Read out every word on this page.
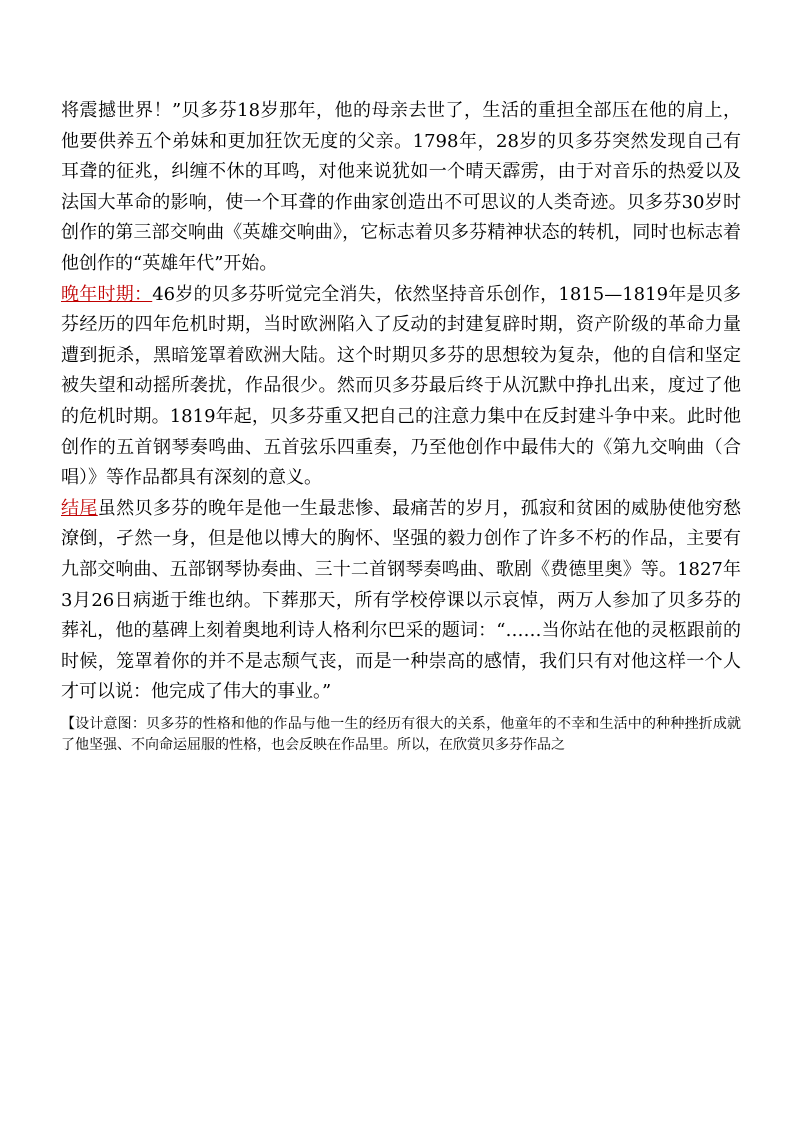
将震撼世界！”贝多芬18岁那年，他的母亲去世了，生活的重担全部压在他的肩上，他要供养五个弟妹和更加狂饮无度的父亲。1798年，28岁的贝多芬突然发现自己有耳聋的征兆，纠缠不休的耳鸣，对他来说犹如一个晴天霹雳，由于对音乐的热爱以及法国大革命的影响，使一个耳聋的作曲家创造出不可思议的人类奇迹。贝多芬30岁时创作的第三部交响曲《英雄交响曲》，它标志着贝多芬精神状态的转机，同时也标志着他创作的“英雄年代”开始。

晚年时期：46岁的贝多芬听觉完全消失，依然坚持音乐创作，1815—1819年是贝多芬经历的四年危机时期，当时欧洲陷入了反动的封建复辟时期，资产阶级的革命力量遭到扼杀，黑暗笼罩着欧洲大陆。这个时期贝多芬的思想较为复杂，他的自信和坚定被失望和动摇所袭扰，作品很少。然而贝多芬最后终于从沉默中挣扎出来，度过了他的危机时期。1819年起，贝多芬重又把自己的注意力集中在反封建斗争中来。此时他创作的五首钢琴奏鸣曲、五首弦乐四重奏，乃至他创作中最伟大的《第九交响曲（合唱）》等作品都具有深刻的意义。

结尾虽然贝多芬的晚年是他一生最悲惨、最痛苦的岁月，孤寂和贫困的威胁使他穷愁潦倒，孑然一身，但是他以博大的胸怀、坚强的毅力创作了许多不朽的作品，主要有九部交响曲、五部钢琴协奏曲、三十二首钢琴奏鸣曲、歌剧《费德里奥》等。1827年3月26日病逝于维也纳。下葬那天，所有学校停课以示哀悼，两万人参加了贝多芬的葬礼，他的墓碑上刻着奥地利诗人格利尔巴采的题词：“……当你站在他的灵柩跟前的时候，笼罩着你的并不是志颓气丧，而是一种崇高的感情，我们只有对他这样一个人才可以说：他完成了伟大的事业。”

【设计意图：贝多芬的性格和他的作品与他一生的经历有很大的关系，他童年的不幸和生活中的种种挫折成就了他坚强、不向命运屈服的性格，也会反映在作品里。所以，在欣赏贝多芬作品之
